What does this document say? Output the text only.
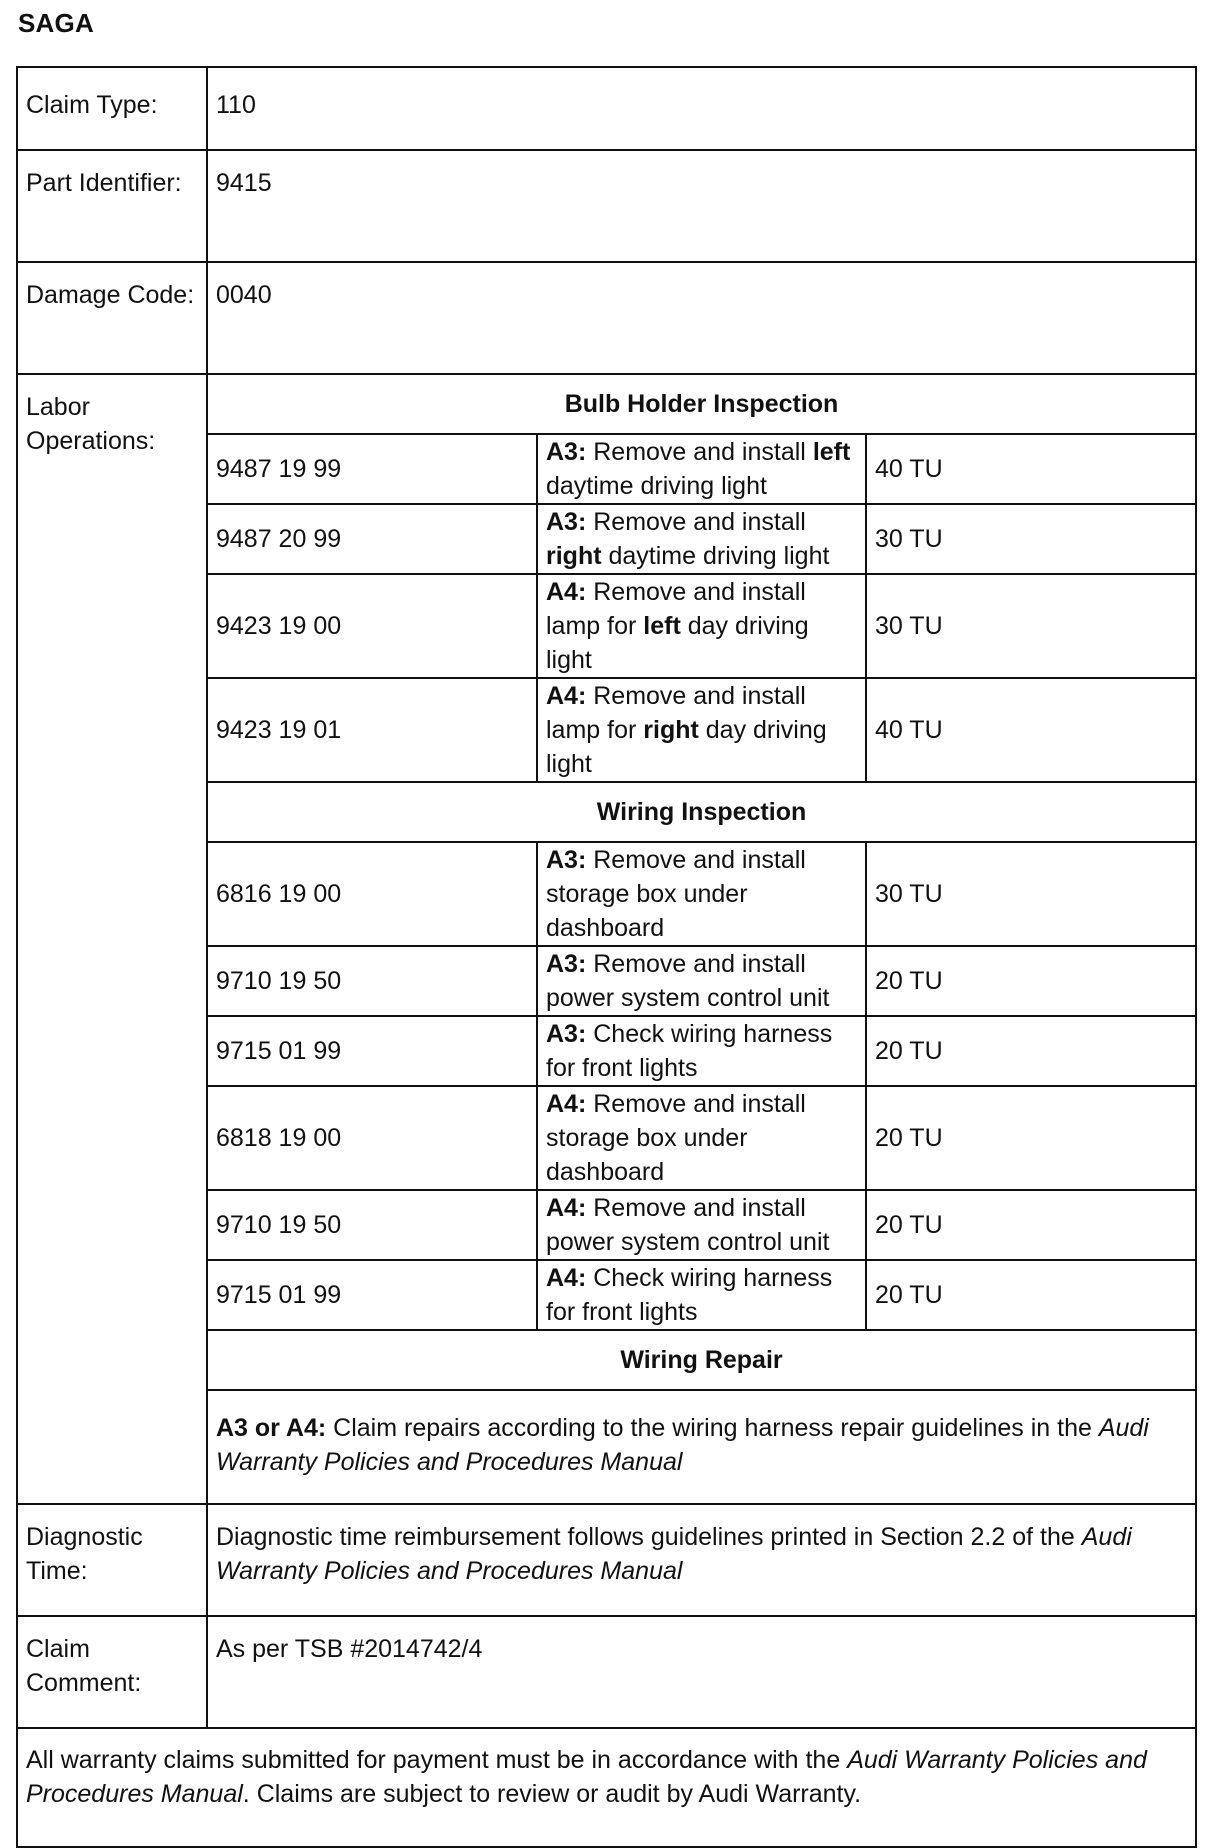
SAGA
Claim Type:	110
Part Identifier:	9415
Damage Code:	0040
Labor Operations:	
Bulb Holder Inspection
9487 19 99	A3: Remove and install left daytime driving light	40 TU
9487 20 99	A3: Remove and install right daytime driving light	30 TU
9423 19 00	A4: Remove and install lamp for left day driving light	30 TU
9423 19 01	A4: Remove and install lamp for right day driving light	40 TU
Wiring Inspection
6816 19 00	A3: Remove and install storage box under dashboard	30 TU
9710 19 50	A3: Remove and install power system control unit	20 TU
9715 01 99	A3: Check wiring harness for front lights	20 TU
6818 19 00	A4: Remove and install storage box under dashboard	20 TU
9710 19 50	A4: Remove and install power system control unit	20 TU
9715 01 99	A4: Check wiring harness for front lights	20 TU
Wiring Repair
A3 or A4: Claim repairs according to the wiring harness repair guidelines in the Audi Warranty Policies and Procedures Manual

Diagnostic Time:	Diagnostic time reimbursement follows guidelines printed in Section 2.2 of the Audi Warranty Policies and Procedures Manual
Claim Comment:	As per TSB #2014742/4
All warranty claims submitted for payment must be in accordance with the Audi Warranty Policies and Procedures Manual. Claims are subject to review or audit by Audi Warranty.
